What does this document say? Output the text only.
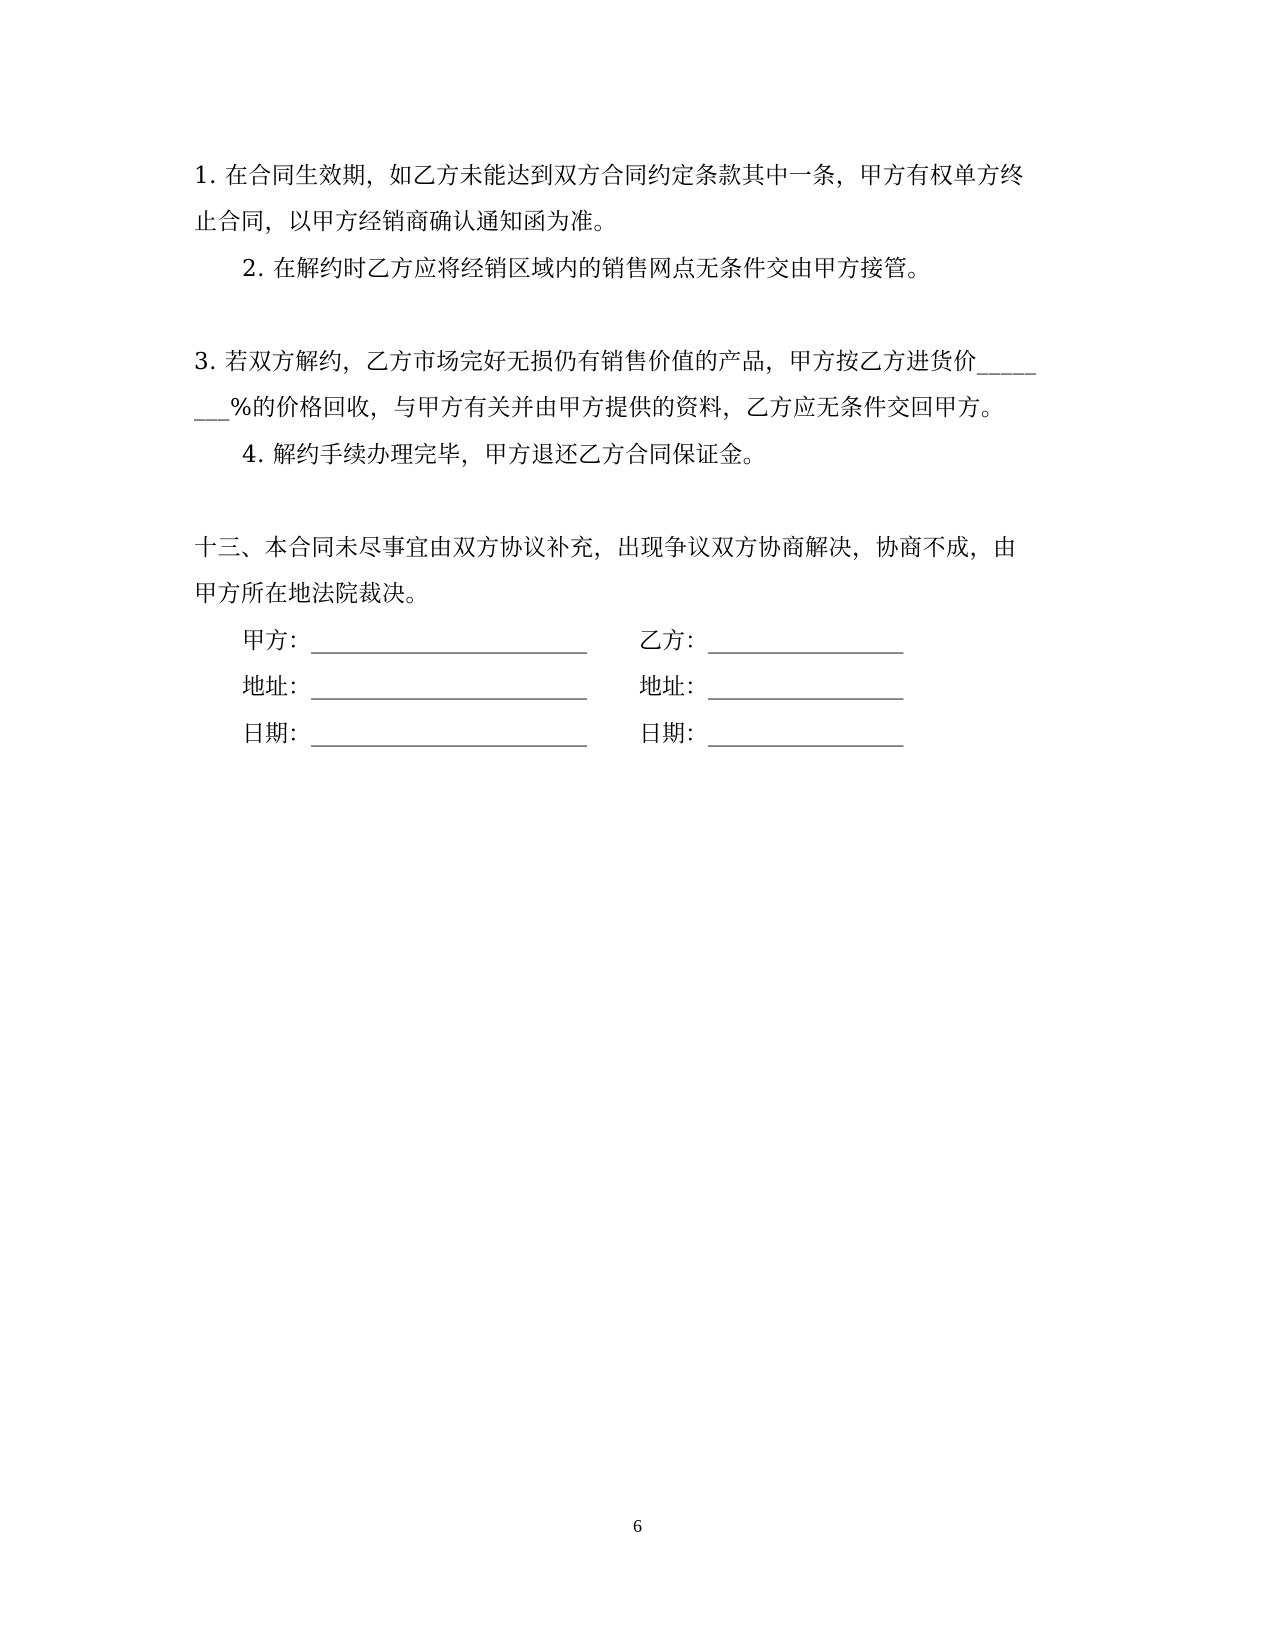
1. 在合同生效期，如乙方未能达到双方合同约定条款其中一条，甲方有权单方终
止合同，以甲方经销商确认通知函为准。
2. 在解约时乙方应将经销区域内的销售网点无条件交由甲方接管。
3. 若双方解约，乙方市场完好无损仍有销售价值的产品，甲方按乙方进货价_____
___%的价格回收，与甲方有关并由甲方提供的资料，乙方应无条件交回甲方。
4. 解约手续办理完毕，甲方退还乙方合同保证金。
十三、本合同未尽事宜由双方协议补充，出现争议双方协商解决，协商不成，由
甲方所在地法院裁决。
甲方：________________________ 乙方：_________________
地址：________________________ 地址：_________________
日期：________________________ 日期：_________________
6
